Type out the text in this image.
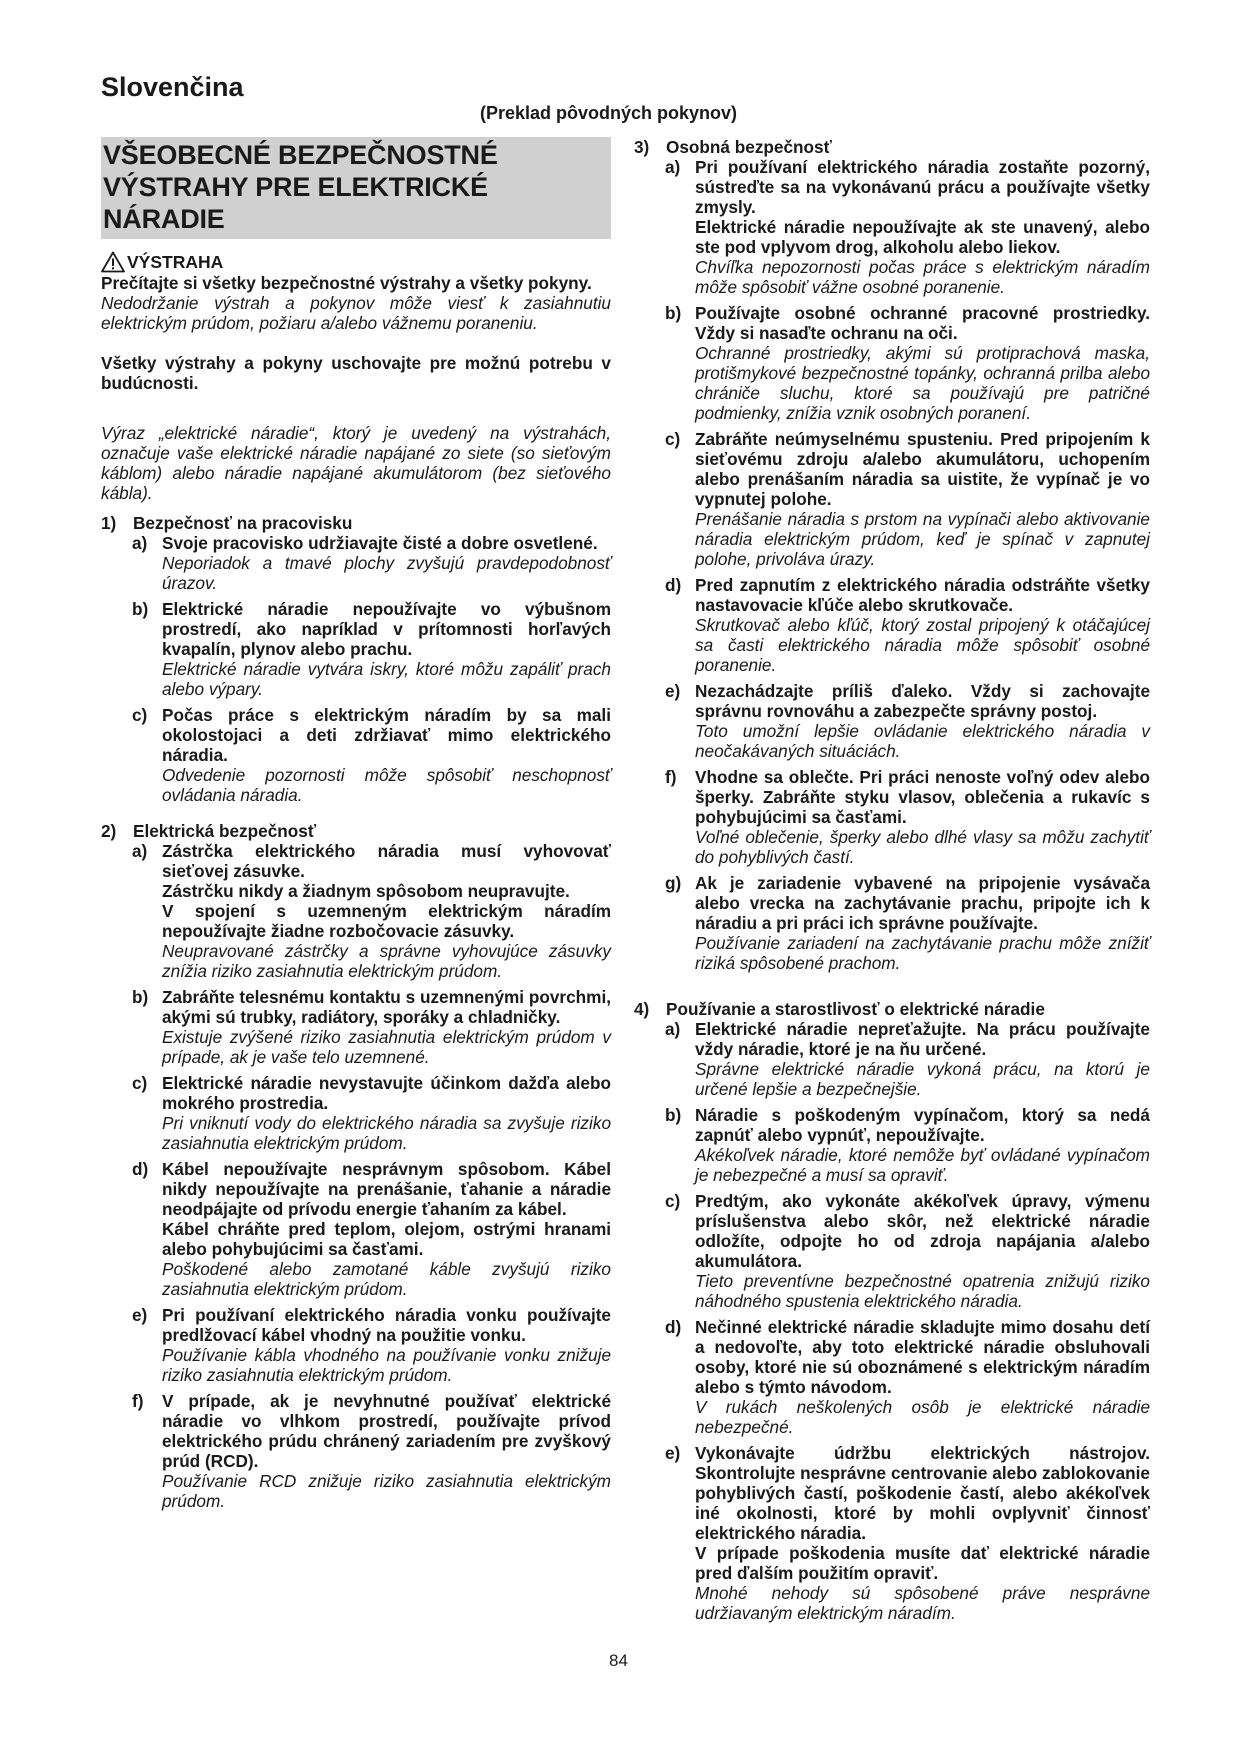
Slovenčina
(Preklad pôvodných pokynov)
VŠEOBECNÉ BEZPEČNOSTNÉ
VÝSTRAHY PRE ELEKTRICKÉ
NÁRADIE
VÝSTRAHA

Prečítajte si všetky bezpečnostné výstrahy a všetky pokyny.

Nedodržanie výstrah a pokynov môže viesť k zasiahnutiu elektrickým prúdom, požiaru a/alebo vážnemu poraneniu.

Všetky výstrahy a pokyny uschovajte pre možnú potrebu v budúcnosti.

Výraz „elektrické náradie“, ktorý je uvedený na výstrahách, označuje vaše elektrické náradie napájané zo siete (so sieťovým káblom) alebo náradie napájané akumulátorom (bez sieťového kábla).

1) Bezpečnosť na pracovisku
a) Svoje pracovisko udržiavajte čisté a dobre osvetlené.

Neporiadok a tmavé plochy zvyšujú pravdepodobnosť úrazov.

b) Elektrické náradie nepoužívajte vo výbušnom prostredí, ako napríklad v prítomnosti horľavých kvapalín, plynov alebo prachu.

Elektrické náradie vytvára iskry, ktoré môžu zapáliť prach alebo výpary.

c) Počas práce s elektrickým náradím by sa mali okolostojaci a deti zdržiavať mimo elektrického náradia.

Odvedenie pozornosti môže spôsobiť neschopnosť ovládania náradia.

2) Elektrická bezpečnosť
a) Zástrčka elektrického náradia musí vyhovovať sieťovej zásuvke.

Zástrčku nikdy a žiadnym spôsobom neupravujte.

V spojení s uzemneným elektrickým náradím nepoužívajte žiadne rozbočovacie zásuvky.

Neupravované zástrčky a správne vyhovujúce zásuvky znížia riziko zasiahnutia elektrickým prúdom.

b) Zabráňte telesnému kontaktu s uzemnenými povrchmi, akými sú trubky, radiátory, sporáky a chladničky.

Existuje zvýšené riziko zasiahnutia elektrickým prúdom v prípade, ak je vaše telo uzemnené.

c) Elektrické náradie nevystavujte účinkom dažďa alebo mokrého prostredia.

Pri vniknutí vody do elektrického náradia sa zvyšuje riziko zasiahnutia elektrickým prúdom.

d) Kábel nepoužívajte nesprávnym spôsobom. Kábel nikdy nepoužívajte na prenášanie, ťahanie a náradie neodpájajte od prívodu energie ťahaním za kábel.

Kábel chráňte pred teplom, olejom, ostrými hranami alebo pohybujúcimi sa časťami.

Poškodené alebo zamotané káble zvyšujú riziko zasiahnutia elektrickým prúdom.

e) Pri používaní elektrického náradia vonku používajte predlžovací kábel vhodný na použitie vonku.

Používanie kábla vhodného na používanie vonku znižuje riziko zasiahnutia elektrickým prúdom.

f)	V prípade, ak je nevyhnutné používať elektrické náradie vo vlhkom prostredí, používajte prívod elektrického prúdu chránený zariadením pre zvyškový prúd (RCD).

Používanie RCD znižuje riziko zasiahnutia elektrickým prúdom.

3) Osobná bezpečnosť
a) Pri používaní elektrického náradia zostaňte pozorný, sústreďte sa na vykonávanú prácu a používajte všetky zmysly.

Elektrické náradie nepoužívajte ak ste unavený, alebo ste pod vplyvom drog, alkoholu alebo liekov.

Chvíľka nepozornosti počas práce s elektrickým náradím môže spôsobiť vážne osobné poranenie.

b) Používajte osobné ochranné pracovné prostriedky. Vždy si nasaďte ochranu na oči.

Ochranné prostriedky, akými sú protiprachová maska, protišmykové bezpečnostné topánky, ochranná prilba alebo chrániče sluchu, ktoré sa používajú pre patričné podmienky, znížia vznik osobných poranení.

c) Zabráňte neúmyselnému spusteniu. Pred pripojením k sieťovému zdroju a/alebo akumulátoru, uchopením alebo prenášaním náradia sa uistite, že vypínač je vo vypnutej polohe.

Prenášanie náradia s prstom na vypínači alebo aktivovanie náradia elektrickým prúdom, keď je spínač v zapnutej polohe, privoláva úrazy.

d) Pred zapnutím z elektrického náradia odstráňte všetky nastavovacie kľúče alebo skrutkovače.

Skrutkovač alebo kľúč, ktorý zostal pripojený k otáčajúcej sa časti elektrického náradia môže spôsobiť osobné poranenie.

e) Nezachádzajte príliš ďaleko. Vždy si zachovajte správnu rovnováhu a zabezpečte správny postoj.

Toto umožní lepšie ovládanie elektrického náradia v neočakávaných situáciách.

f)	Vhodne sa oblečte. Pri práci nenoste voľný odev alebo šperky. Zabráňte styku vlasov, oblečenia a rukavíc s pohybujúcimi sa časťami.

Voľné oblečenie, šperky alebo dlhé vlasy sa môžu zachytiť do pohyblivých častí.

g) Ak je zariadenie vybavené na pripojenie vysávača alebo vrecka na zachytávanie prachu, pripojte ich k náradiu a pri práci ich správne používajte.

Používanie zariadení na zachytávanie prachu môže znížiť riziká spôsobené prachom.

4) Používanie a starostlivosť o elektrické náradie
a) Elektrické náradie nepreťažujte. Na prácu používajte vždy náradie, ktoré je na ňu určené.

Správne elektrické náradie vykoná prácu, na ktorú je určené lepšie a bezpečnejšie.

b) Náradie s poškodeným vypínačom, ktorý sa nedá zapnúť alebo vypnúť, nepoužívajte.

Akékoľvek náradie, ktoré nemôže byť ovládané vypínačom je nebezpečné a musí sa opraviť.

c) Predtým, ako vykonáte akékoľvek úpravy, výmenu príslušenstva alebo skôr, než elektrické náradie odložíte, odpojte ho od zdroja napájania a/alebo akumulátora.

Tieto preventívne bezpečnostné opatrenia znižujú riziko náhodného spustenia elektrického náradia.

d) Nečinné elektrické náradie skladujte mimo dosahu detí a nedovoľte, aby toto elektrické náradie obsluhovali osoby, ktoré nie sú oboznámené s elektrickým náradím alebo s týmto návodom.

V rukách neškolených osôb je elektrické náradie nebezpečné.

e) Vykonávajte údržbu elektrických nástrojov. Skontrolujte nesprávne centrovanie alebo zablokovanie pohyblivých častí, poškodenie častí, alebo akékoľvek iné okolnosti, ktoré by mohli ovplyvniť činnosť elektrického náradia.

V prípade poškodenia musíte dať elektrické náradie pred ďalším použitím opraviť.

Mnohé nehody sú spôsobené práve nesprávne udržiavaným elektrickým náradím.

84
